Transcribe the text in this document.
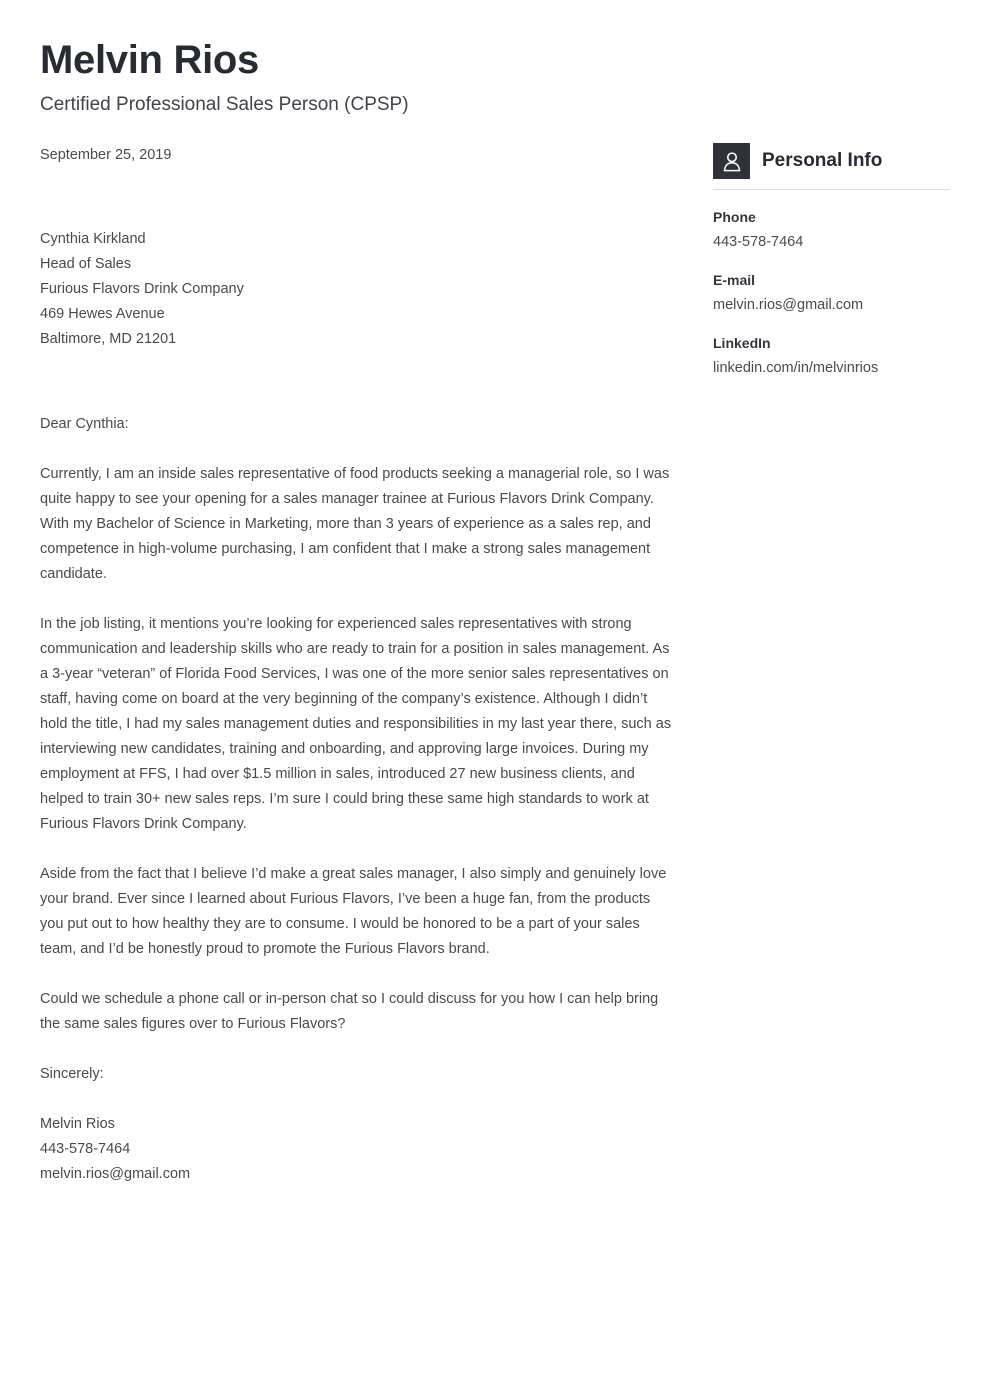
Melvin Rios
Certified Professional Sales Person (CPSP)
September 25, 2019
Cynthia Kirkland
Head of Sales
Furious Flavors Drink Company
469 Hewes Avenue
Baltimore, MD 21201
Dear Cynthia:

Currently, I am an inside sales representative of food products seeking a managerial role, so I was quite happy to see your opening for a sales manager trainee at Furious Flavors Drink Company. With my Bachelor of Science in Marketing, more than 3 years of experience as a sales rep, and competence in high-volume purchasing, I am confident that I make a strong sales management candidate.

In the job listing, it mentions you’re looking for experienced sales representatives with strong communication and leadership skills who are ready to train for a position in sales management. As a 3-year “veteran” of Florida Food Services, I was one of the more senior sales representatives on staff, having come on board at the very beginning of the company’s existence. Although I didn’t hold the title, I had my sales management duties and responsibilities in my last year there, such as interviewing new candidates, training and onboarding, and approving large invoices. During my employment at FFS, I had over $1.5 million in sales, introduced 27 new business clients, and helped to train 30+ new sales reps. I’m sure I could bring these same high standards to work at Furious Flavors Drink Company.

Aside from the fact that I believe I’d make a great sales manager, I also simply and genuinely love your brand. Ever since I learned about Furious Flavors, I’ve been a huge fan, from the products you put out to how healthy they are to consume. I would be honored to be a part of your sales team, and I’d be honestly proud to promote the Furious Flavors brand.

Could we schedule a phone call or in-person chat so I could discuss for you how I can help bring the same sales figures over to Furious Flavors?

Sincerely:
Melvin Rios
443-578-7464
melvin.rios@gmail.com
Personal Info
Phone
443-578-7464
E-mail
melvin.rios@gmail.com
LinkedIn
linkedin.com/in/melvinrios
